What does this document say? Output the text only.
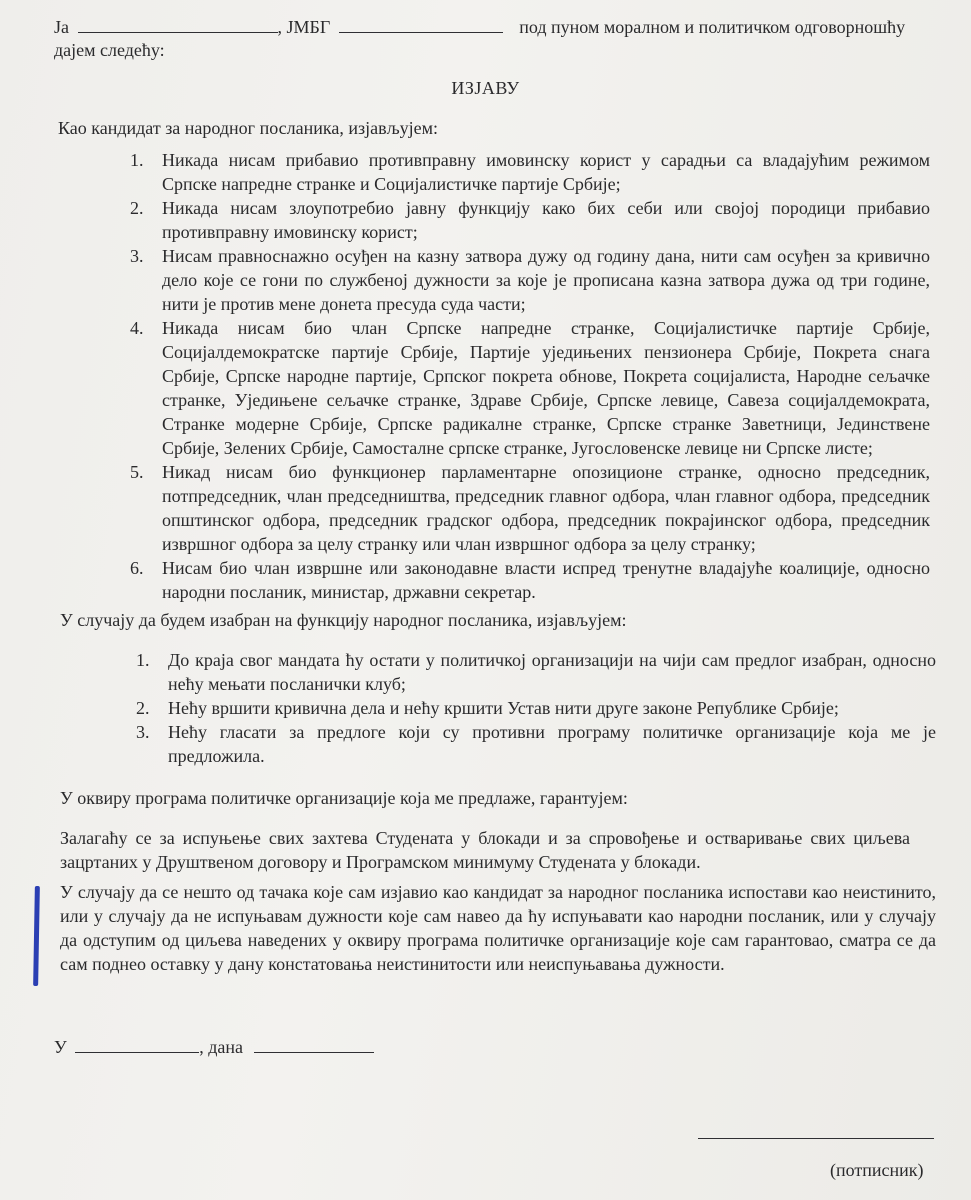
Ја	, ЈМБГ	под пуном моралном и политичком одговорношћу
дајем следећу:
ИЗЈАВУ
Као кандидат за народног посланика, изјављујем:
1. Никада нисам прибавио противправну имовинску корист у сарадњи са владајућим режимом Српске напредне странке и Социјалистичке партије Србије;
2. Никада нисам злоупотребио јавну функцију како бих себи или својој породици прибавио противправну имовинску корист;
3. Нисам правноснажно осуђен на казну затвора дужу од годину дана, нити сам осуђен за кривично дело које се гони по службеној дужности за које је прописана казна затвора дужа од три године, нити је против мене донета пресуда суда части;
4. Никада нисам био члан Српске напредне странке, Социјалистичке партије Србије, Социјалдемократске партије Србије, Партије уједињених пензионера Србије, Покрета снага Србије, Српске народне партије, Српског покрета обнове, Покрета социјалиста, Народне сељачке странке, Уједињене сељачке странке, Здраве Србије, Српске левице, Савеза социјалдемократа, Странке модерне Србије, Српске радикалне странке, Српске странке Заветници, Јединствене Србије, Зелених Србије, Самосталне српске странке, Југословенске левице ни Српске листе;
5. Никад нисам био функционер парламентарне опозиционе странке, односно председник, потпредседник, члан председништва, председник главног одбора, члан главног одбора, председник општинског одбора, председник градског одбора, председник покрајинског одбора, председник извршног одбора за целу странку или члан извршног одбора за целу странку;
6. Нисам био члан извршне или законодавне власти испред тренутне владајуће коалиције, односно народни посланик, министар, државни секретар.
У случају да будем изабран на функцију народног посланика, изјављујем:
1. До краја свог мандата ћу остати у политичкој организацији на чији сам предлог изабран, односно нећу мењати посланички клуб;
2. Нећу вршити кривична дела и нећу кршити Устав нити друге законе Републике Србије;
3. Нећу гласати за предлоге који су противни програму политичке организације која ме је предложила.
У оквиру програма политичке организације која ме предлаже, гарантујем:
Залагаћу се за испуњење свих захтева Студената у блокади и за спровођење и остваривање свих циљева зацртаних у Друштвеном договору и Програмском минимуму Студената у блокади.
У случају да се нешто од тачака које сам изјавио као кандидат за народног посланика испостави као неистинито, или у случају да не испуњавам дужности које сам навео да ћу испуњавати као народни посланик, или у случају да одступим од циљева наведених у оквиру програма политичке организације које сам гарантовао, сматра се да сам поднео оставку у дану констатовања неистинитости или неиспуњавања дужности.
У	, дана
(потписник)
